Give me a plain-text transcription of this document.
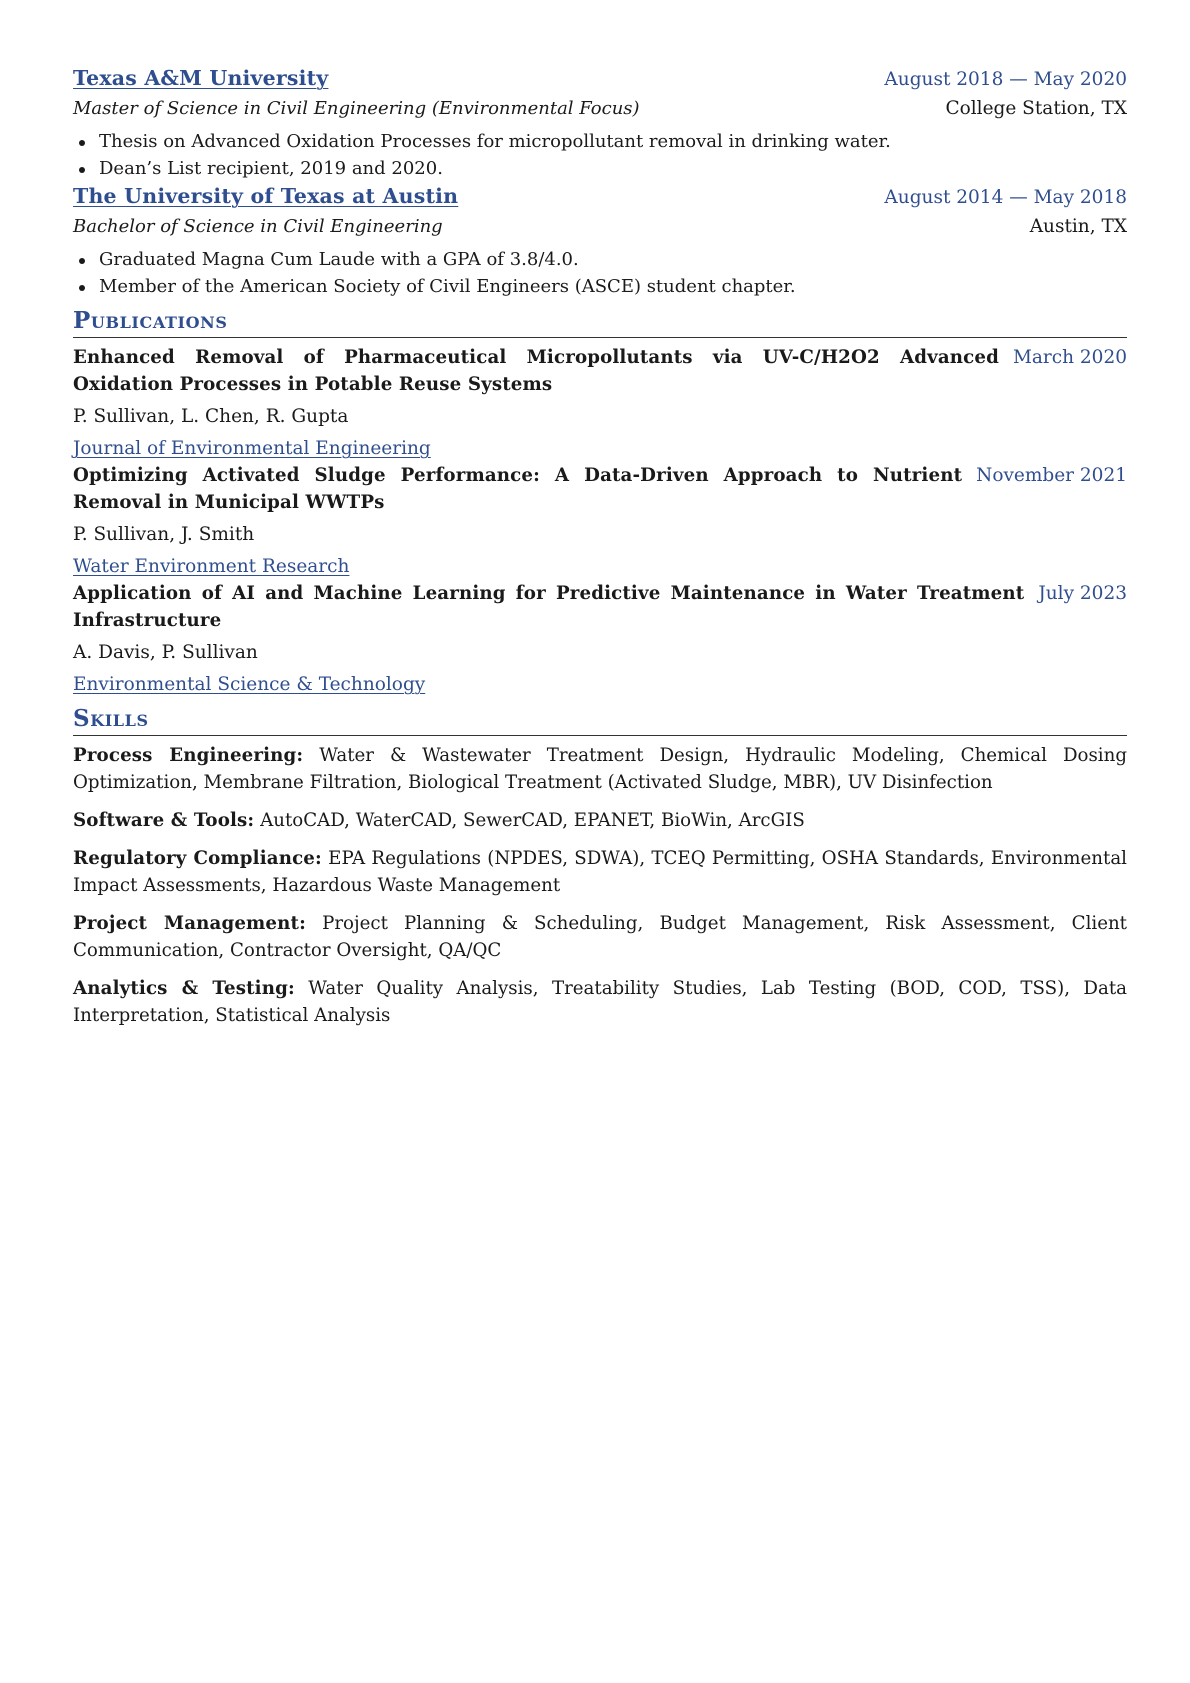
Texas A&M University	August 2018 — May 2020
Master of Science in Civil Engineering (Environmental Focus)	College Station, TX
Thesis on Advanced Oxidation Processes for micropollutant removal in drinking water.
Dean’s List recipient, 2019 and 2020.
The University of Texas at Austin	August 2014 — May 2018
Bachelor of Science in Civil Engineering	Austin, TX
Graduated Magna Cum Laude with a GPA of 3.8/4.0.
Member of the American Society of Civil Engineers (ASCE) student chapter.
Publications
Enhanced Removal of Pharmaceutical Micropollutants via UV-C/H2O2 Advanced Oxidation Processes in Potable Reuse Systems
March 2020
P. Sullivan, L. Chen, R. Gupta
Journal of Environmental Engineering
Optimizing Activated Sludge Performance: A Data-Driven Approach to Nutrient Removal in Municipal WWTPs
November 2021
P. Sullivan, J. Smith
Water Environment Research
Application of AI and Machine Learning for Predictive Maintenance in Water Treatment Infrastructure
July 2023
A. Davis, P. Sullivan
Environmental Science & Technology
Skills
Process Engineering: Water & Wastewater Treatment Design, Hydraulic Modeling, Chemical Dosing Optimization, Membrane Filtration, Biological Treatment (Activated Sludge, MBR), UV Disinfection
Software & Tools: AutoCAD, WaterCAD, SewerCAD, EPANET, BioWin, ArcGIS
Regulatory Compliance: EPA Regulations (NPDES, SDWA), TCEQ Permitting, OSHA Standards, Environmental Impact Assessments, Hazardous Waste Management
Project Management: Project Planning & Scheduling, Budget Management, Risk Assessment, Client Communication, Contractor Oversight, QA/QC
Analytics & Testing: Water Quality Analysis, Treatability Studies, Lab Testing (BOD, COD, TSS), Data Interpretation, Statistical Analysis
